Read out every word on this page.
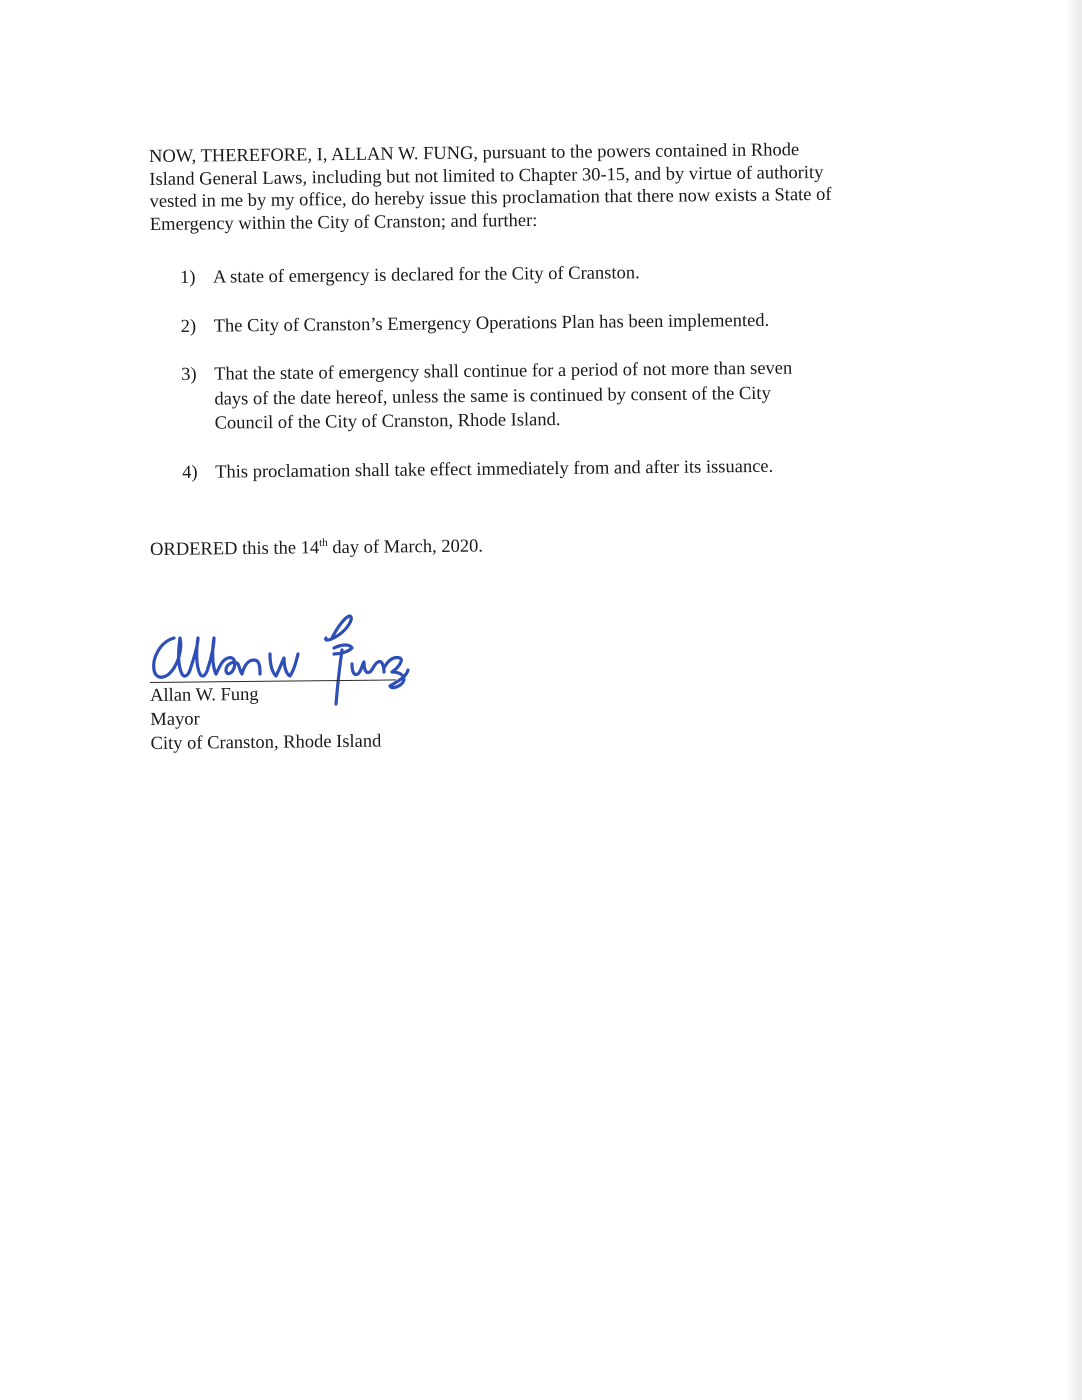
NOW, THEREFORE, I, ALLAN W. FUNG, pursuant to the powers contained in Rhode
Island General Laws, including but not limited to Chapter 30-15, and by virtue of authority
vested in me by my office, do hereby issue this proclamation that there now exists a State of
Emergency within the City of Cranston; and further:

1) A state of emergency is declared for the City of Cranston.
2) The City of Cranston’s Emergency Operations Plan has been implemented.
3) That the state of emergency shall continue for a period of not more than seven
days of the date hereof, unless the same is continued by consent of the City
Council of the City of Cranston, Rhode Island.
4) This proclamation shall take effect immediately from and after its issuance.
ORDERED this the 14th day of March, 2020.
Allan W. Fung
Mayor
City of Cranston, Rhode Island
